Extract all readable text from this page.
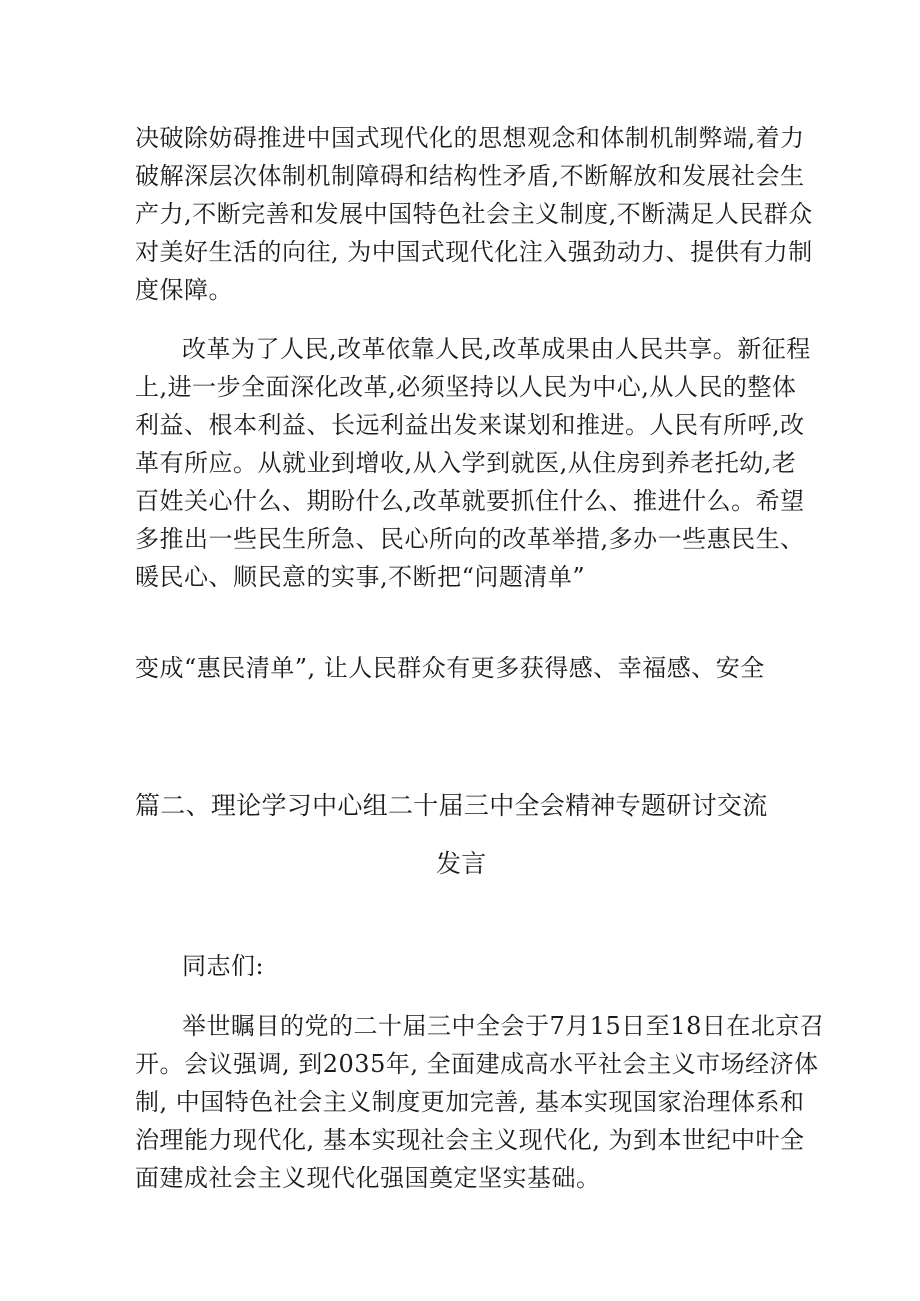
决破除妨碍推进中国式现代化的思想观念和体制机制弊端,着力
破解深层次体制机制障碍和结构性矛盾,不断解放和发展社会生
产力,不断完善和发展中国特色社会主义制度,不断满足人民群众
对美好生活的向往, 为中国式现代化注入强劲动力、提供有力制
度保障。
改革为了人民,改革依靠人民,改革成果由人民共享。新征程
上,进一步全面深化改革,必须坚持以人民为中心,从人民的整体
利益、根本利益、长远利益出发来谋划和推进。人民有所呼,改
革有所应。从就业到增收,从入学到就医,从住房到养老托幼,老
百姓关心什么、期盼什么,改革就要抓住什么、推进什么。希望
多推出一些民生所急、民心所向的改革举措,多办一些惠民生、
暖民心、顺民意的实事,不断把“问题清单”
变成“惠民清单”, 让人民群众有更多获得感、幸福感、安全
篇二、理论学习中心组二十届三中全会精神专题研讨交流
发言
同志们:
举世瞩目的党的二十届三中全会于7月15日至18日在北京召
开。会议强调, 到2035年, 全面建成高水平社会主义市场经济体
制, 中国特色社会主义制度更加完善, 基本实现国家治理体系和
治理能力现代化, 基本实现社会主义现代化, 为到本世纪中叶全
面建成社会主义现代化强国奠定坚实基础。
